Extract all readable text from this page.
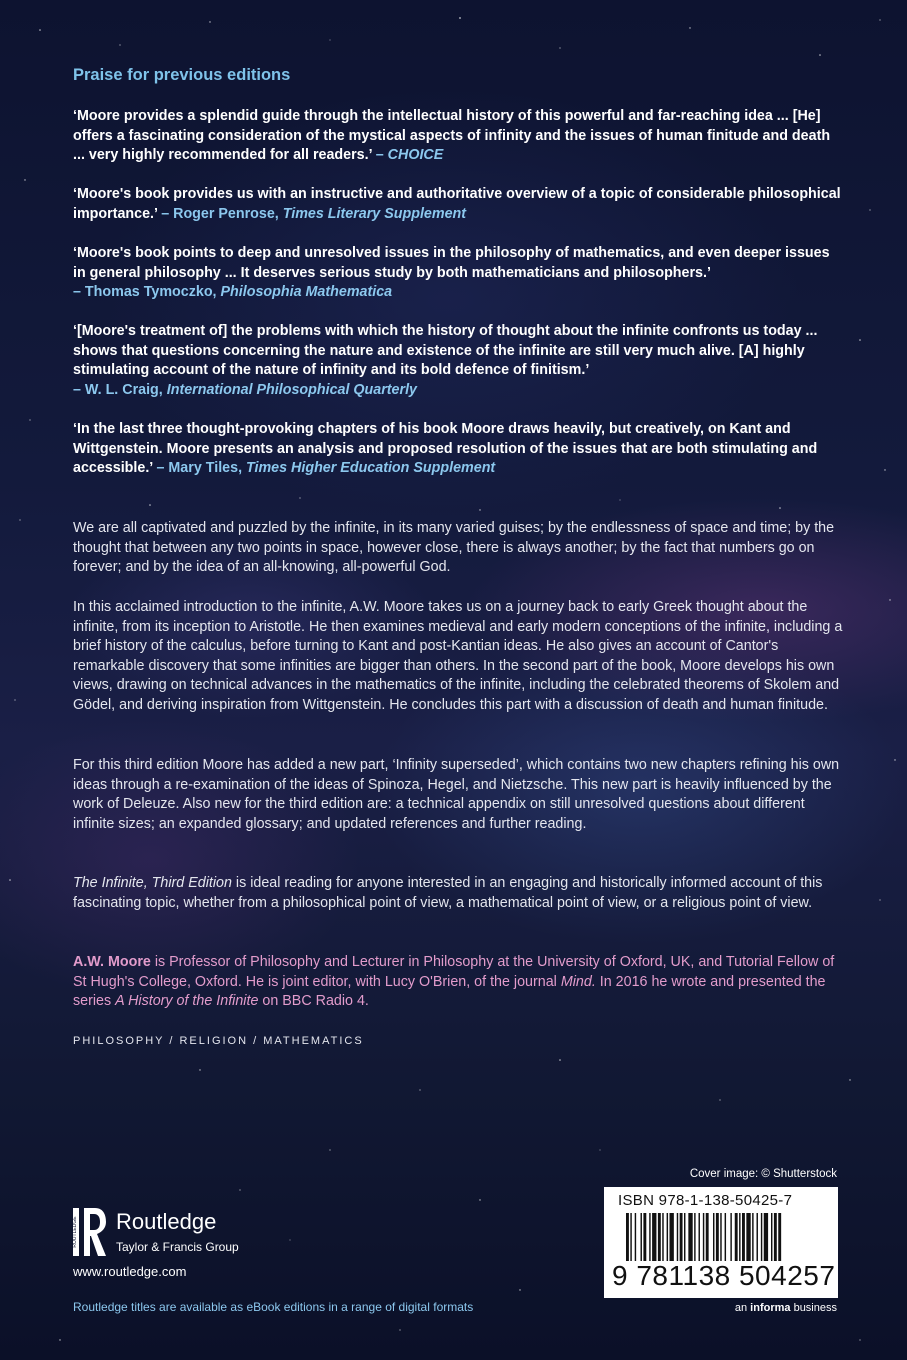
Praise for previous editions
‘Moore provides a splendid guide through the intellectual history of this powerful and far-reaching idea ... [He] offers a fascinating consideration of the mystical aspects of infinity and the issues of human finitude and death ... very highly recommended for all readers.’ – CHOICE
‘Moore's book provides us with an instructive and authoritative overview of a topic of considerable philosophical importance.’ – Roger Penrose, Times Literary Supplement
‘Moore's book points to deep and unresolved issues in the philosophy of mathematics, and even deeper issues in general philosophy ... It deserves serious study by both mathematicians and philosophers.’
– Thomas Tymoczko, Philosophia Mathematica
‘[Moore's treatment of] the problems with which the history of thought about the infinite confronts us today ... shows that questions concerning the nature and existence of the infinite are still very much alive. [A] highly stimulating account of the nature of infinity and its bold defence of finitism.’
– W. L. Craig, International Philosophical Quarterly
‘In the last three thought-provoking chapters of his book Moore draws heavily, but creatively, on Kant and Wittgenstein. Moore presents an analysis and proposed resolution of the issues that are both stimulating and accessible.’ – Mary Tiles, Times Higher Education Supplement
We are all captivated and puzzled by the infinite, in its many varied guises; by the endlessness of space and time; by the thought that between any two points in space, however close, there is always another; by the fact that numbers go on forever; and by the idea of an all-knowing, all-powerful God.
In this acclaimed introduction to the infinite, A.W. Moore takes us on a journey back to early Greek thought about the infinite, from its inception to Aristotle. He then examines medieval and early modern conceptions of the infinite, including a brief history of the calculus, before turning to Kant and post-Kantian ideas. He also gives an account of Cantor's remarkable discovery that some infinities are bigger than others. In the second part of the book, Moore develops his own views, drawing on technical advances in the mathematics of the infinite, including the celebrated theorems of Skolem and Gödel, and deriving inspiration from Wittgenstein. He concludes this part with a discussion of death and human finitude.
For this third edition Moore has added a new part, ‘Infinity superseded’, which contains two new chapters refining his own ideas through a re-examination of the ideas of Spinoza, Hegel, and Nietzsche. This new part is heavily influenced by the work of Deleuze. Also new for the third edition are: a technical appendix on still unresolved questions about different infinite sizes; an expanded glossary; and updated references and further reading.
The Infinite, Third Edition is ideal reading for anyone interested in an engaging and historically informed account of this fascinating topic, whether from a philosophical point of view, a mathematical point of view, or a religious point of view.
A.W. Moore is Professor of Philosophy and Lecturer in Philosophy at the University of Oxford, UK, and Tutorial Fellow of St Hugh's College, Oxford. He is joint editor, with Lucy O'Brien, of the journal Mind. In 2016 he wrote and presented the series A History of the Infinite on BBC Radio 4.
PHILOSOPHY / RELIGION / MATHEMATICS
Cover image: © Shutterstock
ISBN 978-1-138-50425-7
9 781138 504257
an informa business
ROUTLEDGE Routledge
Taylor & Francis Group
www.routledge.com
Routledge titles are available as eBook editions in a range of digital formats
